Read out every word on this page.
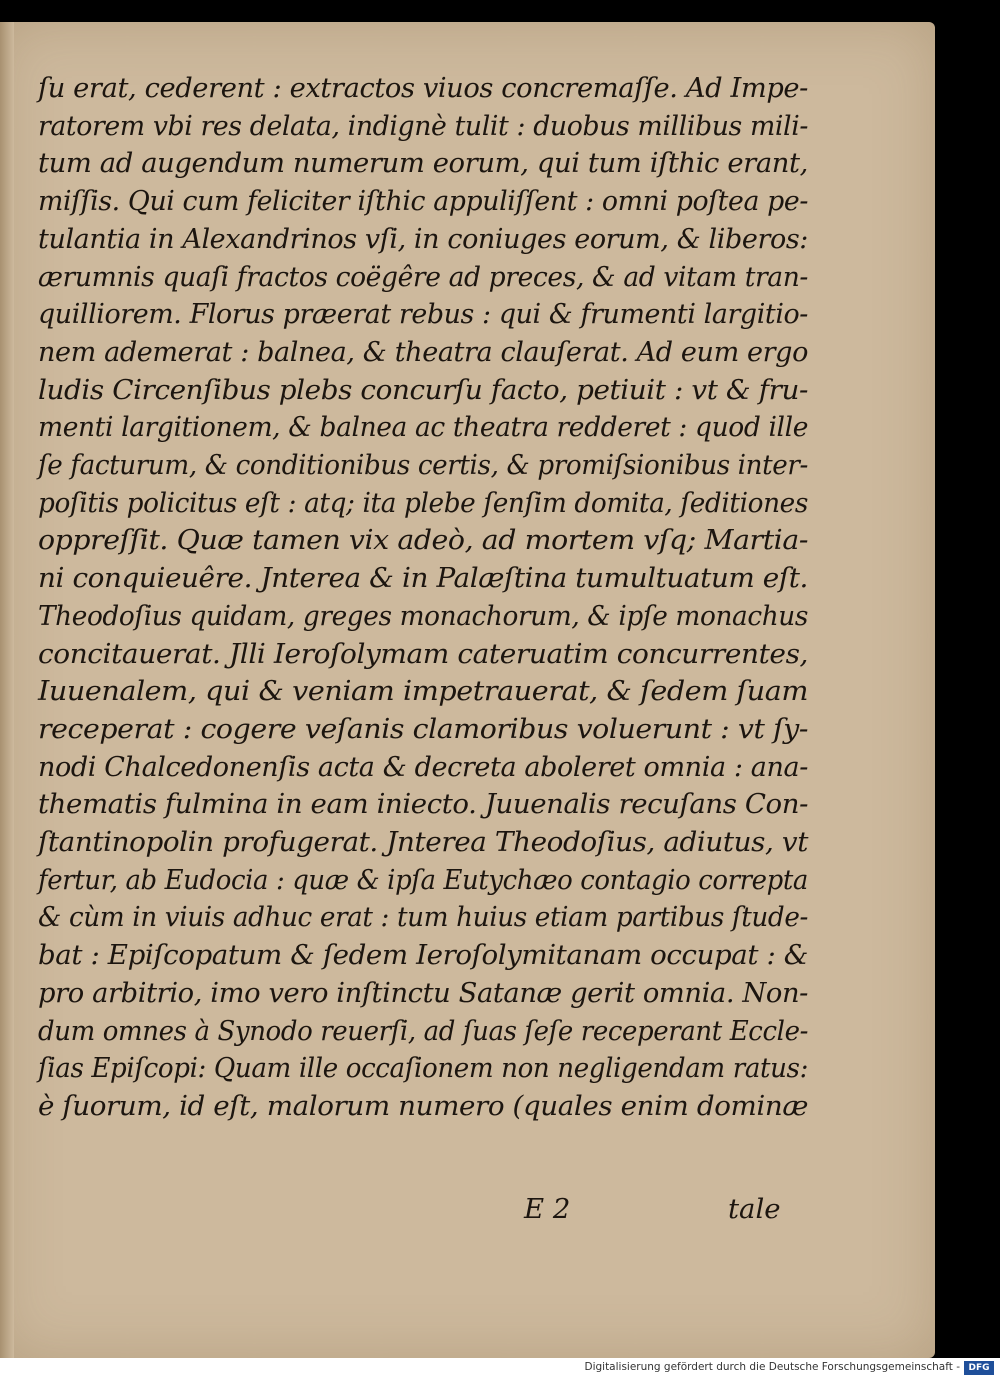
ſu erat, cederent : extractos viuos concremaſſe. Ad Impe-
ratorem vbi res delata, indignè tulit : duobus millibus mili-
tum ad augendum numerum eorum, qui tum iſthic erant,
miſſis. Qui cum feliciter iſthic appuliſſent : omni poſtea pe-
tulantia in Alexandrinos vſi, in coniuges eorum, & liberos:
ærumnis quaſi fractos coëgêre ad preces, & ad vitam tran-
quilliorem. Florus præerat rebus : qui & frumenti largitio-
nem ademerat : balnea, & theatra clauſerat. Ad eum ergo
ludis Circenſibus plebs concurſu facto, petiuit : vt & fru-
menti largitionem, & balnea ac theatra redderet : quod ille
ſe facturum, & conditionibus certis, & promiſsionibus inter-
poſitis policitus eſt : atq; ita plebe ſenſim domita, ſeditiones
oppreſſit. Quæ tamen vix adeò, ad mortem vſq; Martia-
ni conquieuêre. Jnterea & in Palæſtina tumultuatum eſt.
Theodoſius quidam, greges monachorum, & ipſe monachus
concitauerat. Jlli Ieroſolymam cateruatim concurrentes,
Iuuenalem, qui & veniam impetrauerat, & ſedem ſuam
receperat : cogere veſanis clamoribus voluerunt : vt ſy-
nodi Chalcedonenſis acta & decreta aboleret omnia : ana-
thematis fulmina in eam iniecto. Juuenalis recuſans Con-
ſtantinopolin profugerat. Jnterea Theodoſius, adiutus, vt
fertur, ab Eudocia : quæ & ipſa Eutychæo contagio correpta
& cùm in viuis adhuc erat : tum huius etiam partibus ſtude-
bat : Epiſcopatum & ſedem Ieroſolymitanam occupat : &
pro arbitrio, imo vero inſtinctu Satanæ gerit omnia. Non-
dum omnes à Synodo reuerſi, ad ſuas ſeſe receperant Eccle-
ſias Epiſcopi: Quam ille occaſionem non negligendam ratus:
è ſuorum, id eſt, malorum numero (quales enim dominæ
E 2	tale
Digitalisierung gefördert durch die Deutsche Forschungsgemeinschaft - DFG
